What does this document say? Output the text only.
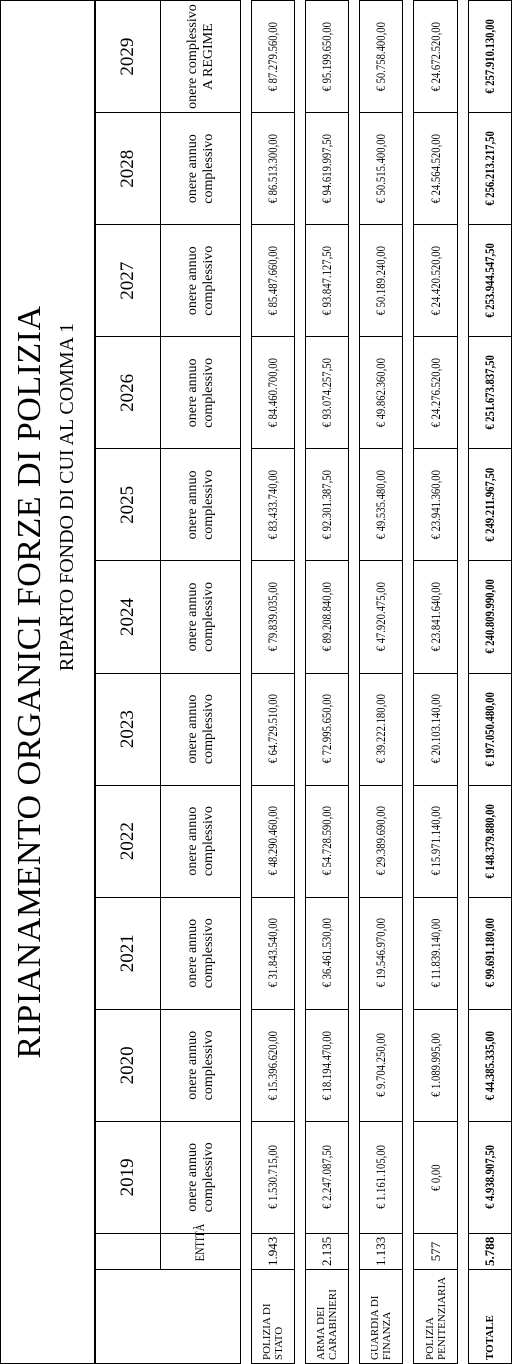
RIPIANAMENTO ORGANICI FORZE DI POLIZIA RIPARTO FONDO DI CUI AL COMMA 1
		2019	2020	2021	2022	2023	2024	2025	2026	2027	2028	2029
	ENTITÀ	onere annuo complessivo	onere annuo complessivo	onere annuo complessivo	onere annuo complessivo	onere annuo complessivo	onere annuo complessivo	onere annuo complessivo	onere annuo complessivo	onere annuo complessivo	onere annuo complessivo	onere complessivo A REGIME

POLIZIA DI STATO	1.943	€ 1.530.715,00	€ 15.396.620,00	€ 31.843.540,00	€ 48.290.460,00	€ 64.729.510,00	€ 79.839.035,00	€ 83.433.740,00	€ 84.460.700,00	€ 85.487.660,00	€ 86.513.300,00	€ 87.279.560,00

ARMA DEI CARABINIERI	2.135	€ 2.247.087,50	€ 18.194.470,00	€ 36.461.530,00	€ 54.728.590,00	€ 72.995.650,00	€ 89.208.840,00	€ 92.301.387,50	€ 93.074.257,50	€ 93.847.127,50	€ 94.619.997,50	€ 95.199.650,00

GUARDIA DI FINANZA	1.133	€ 1.161.105,00	€ 9.704.250,00	€ 19.546.970,00	€ 29.389.690,00	€ 39.222.180,00	€ 47.920.475,00	€ 49.535.480,00	€ 49.862.360,00	€ 50.189.240,00	€ 50.515.400,00	€ 50.758.400,00

POLIZIA PENITENZIARIA	577	€ 0,00	€ 1.089.995,00	€ 11.839.140,00	€ 15.971.140,00	€ 20.103.140,00	€ 23.841.640,00	€ 23.941.360,00	€ 24.276.520,00	€ 24.420.520,00	€ 24.564.520,00	€ 24.672.520,00

TOTALE	5.788	€ 4.938.907,50	€ 44.385.335,00	€ 99.691.180,00	€ 148.379.880,00	€ 197.050.480,00	€ 240.809.990,00	€ 249.211.967,50	€ 251.673.837,50	€ 253.944.547,50	€ 256.213.217,50	€ 257.910.130,00
